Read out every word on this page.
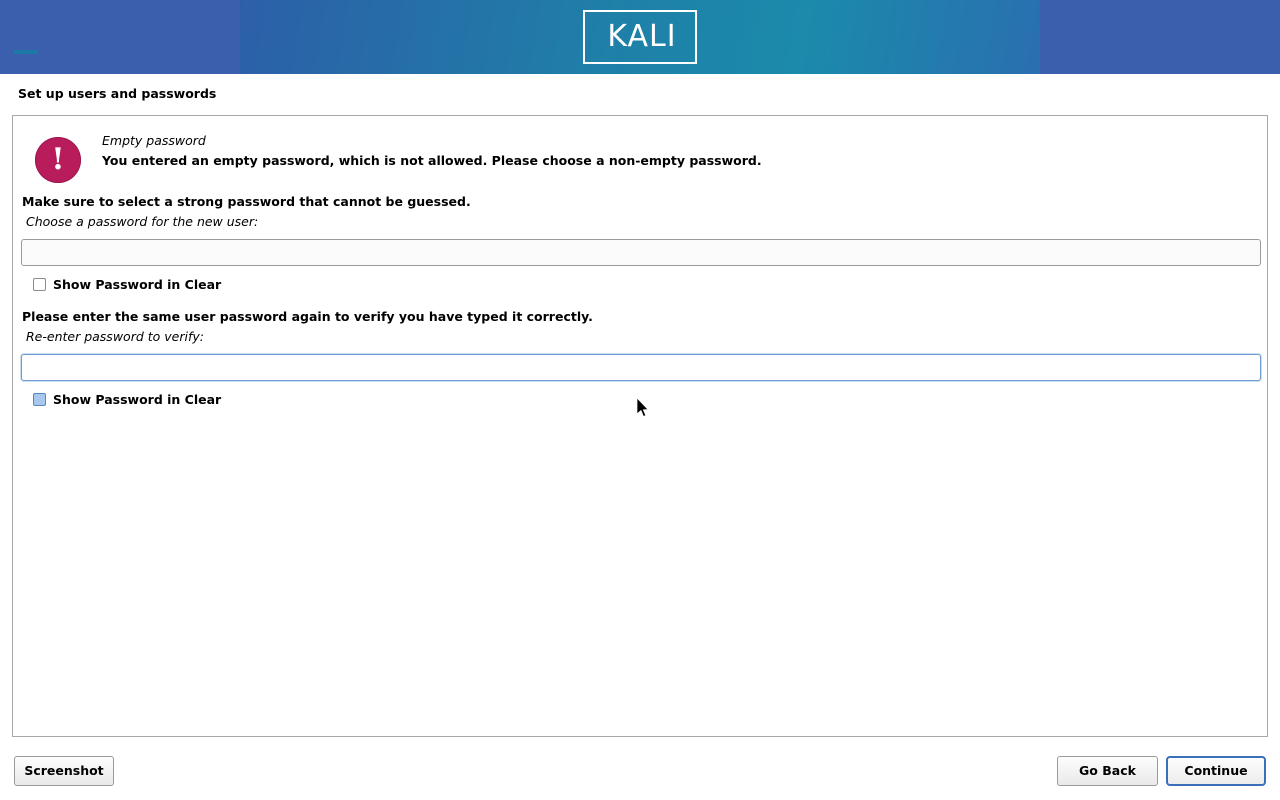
KALI
Set up users and passwords
!
Empty password
You entered an empty password, which is not allowed. Please choose a non-empty password.
Make sure to select a strong password that cannot be guessed.
Choose a password for the new user:
Show Password in Clear
Please enter the same user password again to verify you have typed it correctly.
Re-enter password to verify:
Show Password in Clear
Screenshot	Go Back	Continue
